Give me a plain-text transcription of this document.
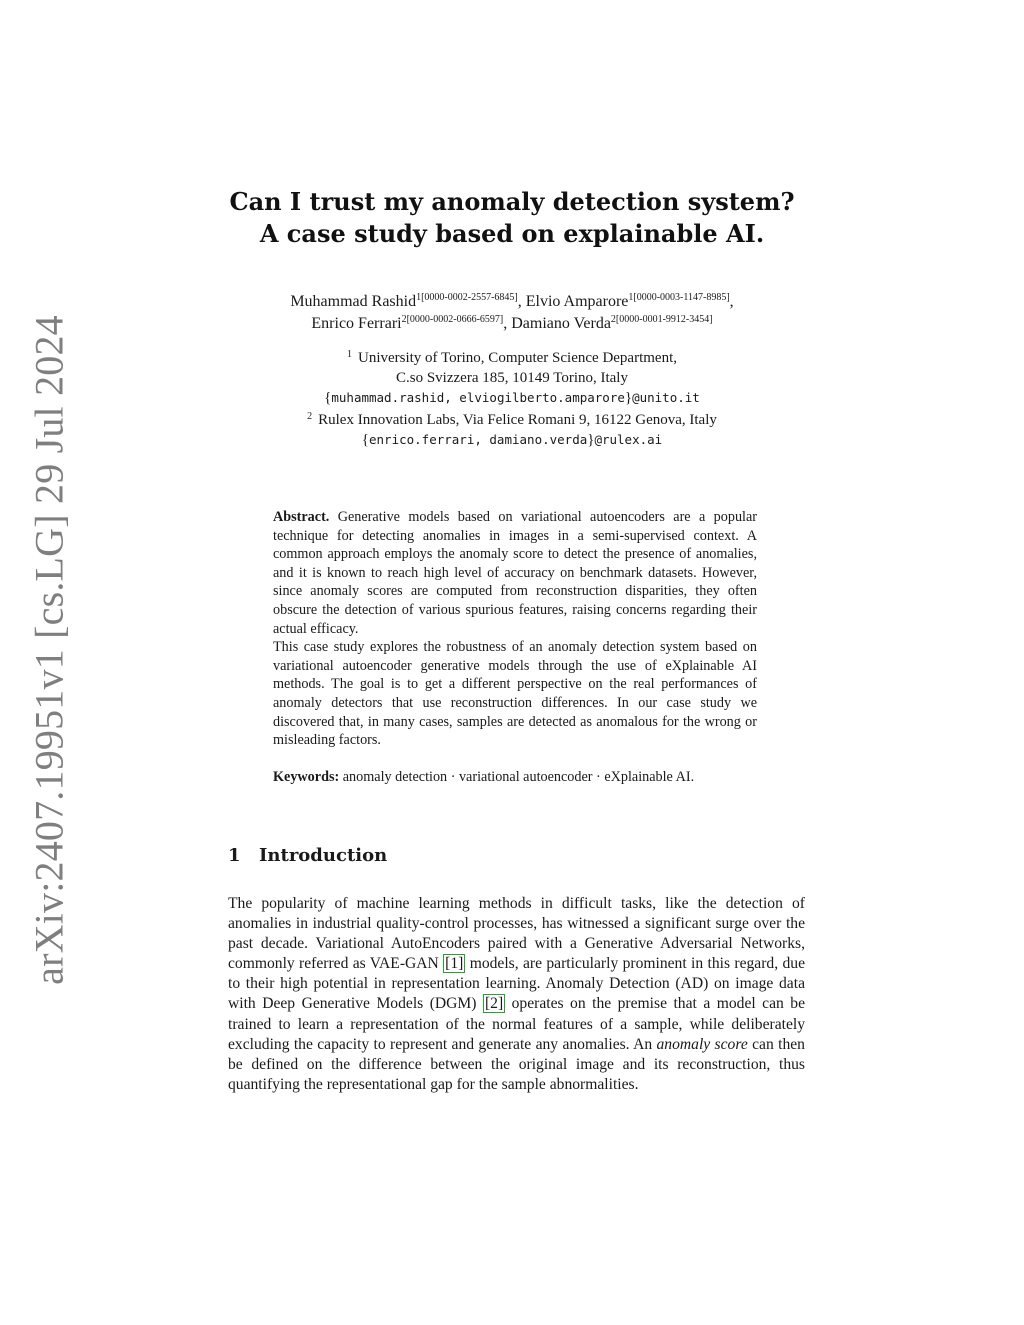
arXiv:2407.19951v1 [cs.LG] 29 Jul 2024
Can I trust my anomaly detection system?
A case study based on explainable AI.
Muhammad Rashid$^{1[0000-0002-2557-6845]}$, Elvio Amparore$^{1[0000-0003-1147-8985]}$,
Enrico Ferrari$^{2[0000-0002-0666-6597]}$, Damiano Verda$^{2[0000-0001-9912-3454]}$
$^1$ University of Torino, Computer Science Department,
C.so Svizzera 185, 10149 Torino, Italy
{muhammad.rashid, elviogilberto.amparore}@unito.it
$^2$ Rulex Innovation Labs, Via Felice Romani 9, 16122 Genova, Italy
{enrico.ferrari, damiano.verda}@rulex.ai

Abstract. Generative models based on variational autoencoders are a popular technique for detecting anomalies in images in a semi-supervised context. A common approach employs the anomaly score to detect the presence of anomalies, and it is known to reach high level of accuracy on benchmark datasets. However, since anomaly scores are computed from reconstruction disparities, they often obscure the detection of various spurious features, raising concerns regarding their actual efficacy.

This case study explores the robustness of an anomaly detection system based on variational autoencoder generative models through the use of eXplainable AI methods. The goal is to get a different perspective on the real performances of anomaly detectors that use reconstruction differences. In our case study we discovered that, in many cases, samples are detected as anomalous for the wrong or misleading factors.

Keywords: anomaly detection · variational autoencoder · eXplainable AI.
1 Introduction

The popularity of machine learning methods in difficult tasks, like the detection of anomalies in industrial quality-control processes, has witnessed a significant surge over the past decade. Variational AutoEncoders paired with a Generative Adversarial Networks, commonly referred as VAE-GAN [1] models, are particularly prominent in this regard, due to their high potential in representation learning. Anomaly Detection (AD) on image data with Deep Generative Models (DGM) [2] operates on the premise that a model can be trained to learn a representation of the normal features of a sample, while deliberately excluding the capacity to represent and generate any anomalies. An anomaly score can then be defined on the difference between the original image and its reconstruction, thus quantifying the representational gap for the sample abnormalities.
